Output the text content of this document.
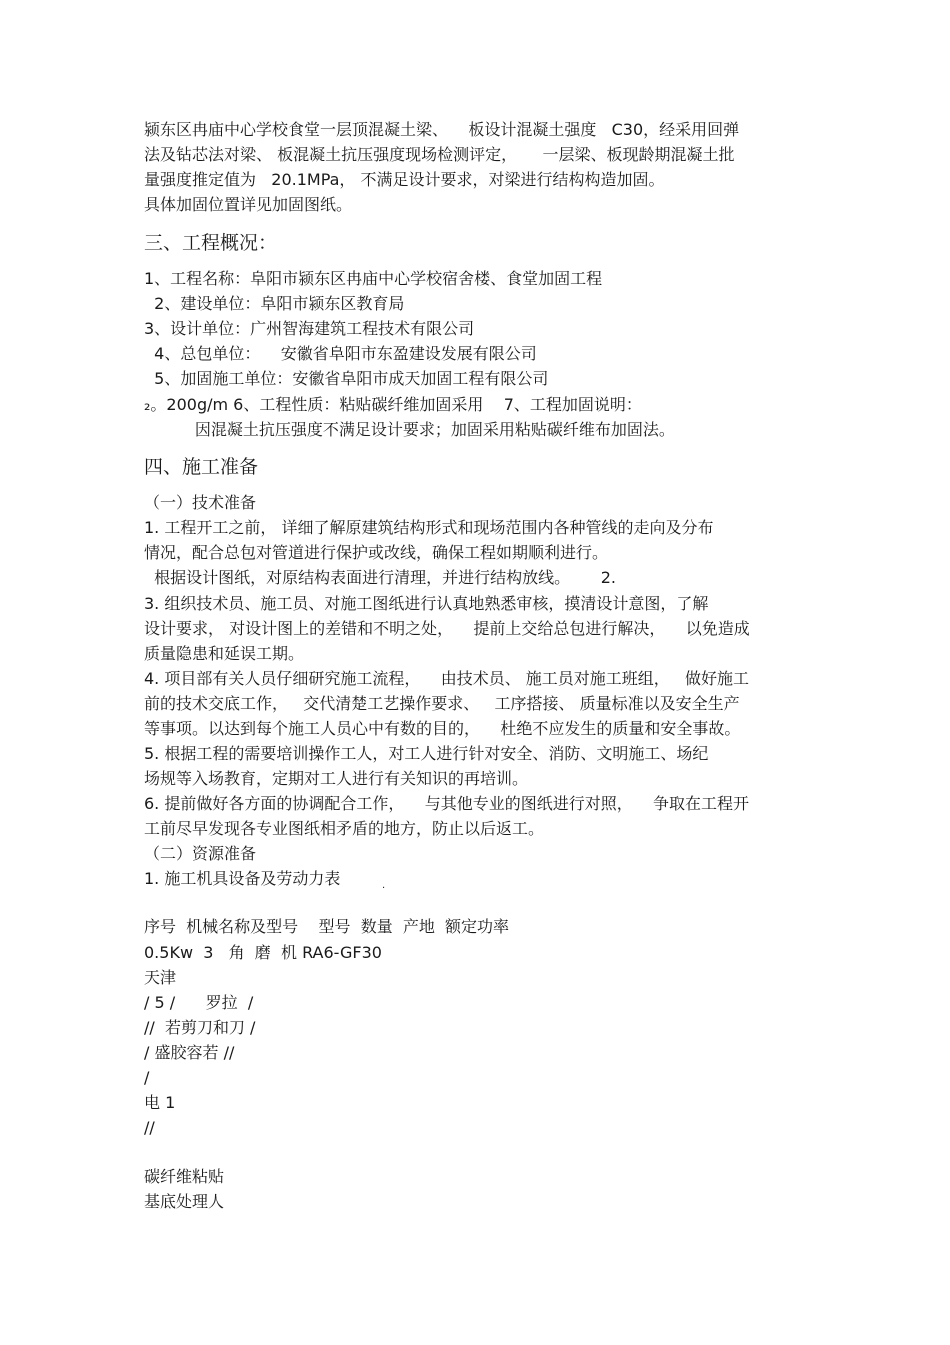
颍东区冉庙中心学校食堂一层顶混凝土梁、    板设计混凝土强度   C30，经采用回弹
法及钻芯法对梁、 板混凝土抗压强度现场检测评定，     一层梁、板现龄期混凝土批
量强度推定值为   20.1MPa， 不满足设计要求，对梁进行结构构造加固。
具体加固位置详见加固图纸。
三、工程概况：
1、工程名称：阜阳市颍东区冉庙中心学校宿舍楼、食堂加固工程
2、建设单位：阜阳市颍东区教育局
3、设计单位：广州智海建筑工程技术有限公司
4、总包单位：    安徽省阜阳市东盈建设发展有限公司
5、加固施工单位：安徽省阜阳市成天加固工程有限公司
₂。200g/m 6、工程性质：粘贴碳纤维加固采用    7、工程加固说明：
因混凝土抗压强度不满足设计要求；加固采用粘贴碳纤维布加固法。
四、施工准备
（一）技术准备
1. 工程开工之前， 详细了解原建筑结构形式和现场范围内各种管线的走向及分布
情况，配合总包对管道进行保护或改线，确保工程如期顺利进行。
根据设计图纸，对原结构表面进行清理，并进行结构放线。      2.
3. 组织技术员、施工员、对施工图纸进行认真地熟悉审核，摸清设计意图，了解
设计要求， 对设计图上的差错和不明之处，    提前上交给总包进行解决，    以免造成
质量隐患和延误工期。
4. 项目部有关人员仔细研究施工流程，    由技术员、 施工员对施工班组，   做好施工
前的技术交底工作，   交代清楚工艺操作要求、   工序搭接、 质量标准以及安全生产
等事项。以达到每个施工人员心中有数的目的，    杜绝不应发生的质量和安全事故。
5. 根据工程的需要培训操作工人，对工人进行针对安全、消防、文明施工、场纪
场规等入场教育，定期对工人进行有关知识的再培训。
6. 提前做好各方面的协调配合工作，    与其他专业的图纸进行对照，    争取在工程开
工前尽早发现各专业图纸相矛盾的地方，防止以后返工。
（二）资源准备
1. 施工机具设备及劳动力表	.
序号  机械名称及型号    型号  数量  产地  额定功率
0.5Kw  3   角  磨  机 RA6-GF30
天津
/ 5 /      罗拉  /
//  若剪刀和刀 /
/ 盛胶容若 //
/
电 1
//
碳纤维粘贴
基底处理人
